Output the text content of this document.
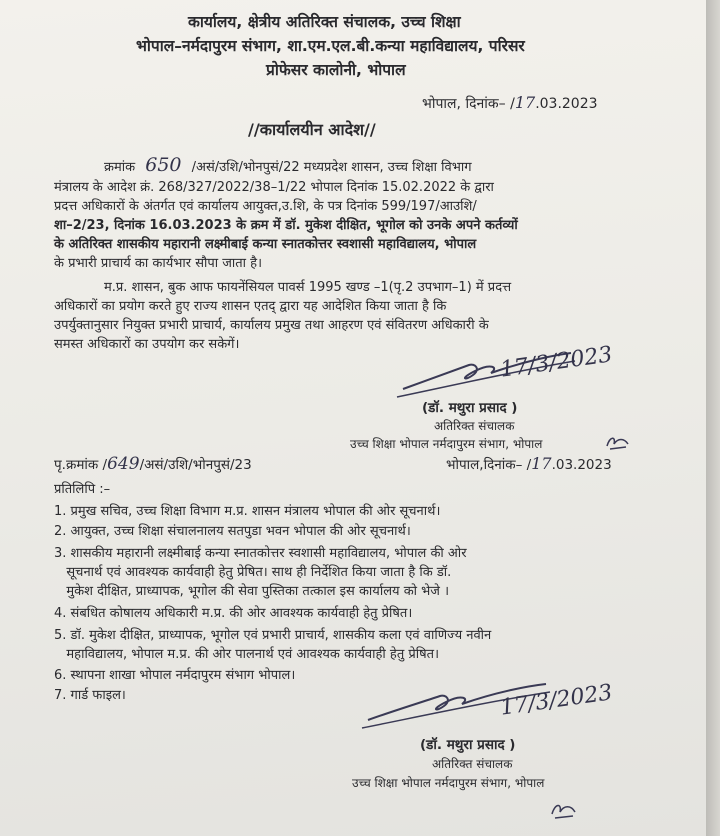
कार्यालय, क्षेत्रीय अतिरिक्त संचालक, उच्च शिक्षा
भोपाल–नर्मदापुरम संभाग, शा.एम.एल.बी.कन्या महाविद्यालय, परिसर
प्रोफेसर कालोनी, भोपाल
भोपाल, दिनांक– /17.03.2023
//कार्यालयीन आदेश//
क्रमांक 650 /असं/उशि/भोनपुसं/22 मध्यप्रदेश शासन, उच्च शिक्षा विभाग
मंत्रालय के आदेश क्रं. 268/327/2022/38–1/22 भोपाल दिनांक 15.02.2022 के द्वारा
प्रदत्त अधिकारों के अंतर्गत एवं कार्यालय आयुक्त,उ.शि, के पत्र दिनांक 599/197/आउशि/
शा–2/23, दिनांक 16.03.2023 के क्रम में डॉ. मुकेश दीक्षित, भूगोल को उनके अपने कर्तव्यों
के अतिरिक्त शासकीय महारानी लक्ष्मीबाई कन्या स्नातकोत्तर स्वशासी महाविद्यालय, भोपाल
के प्रभारी प्राचार्य का कार्यभार सौपा जाता है।
म.प्र. शासन, बुक आफ फायनेंसियल पावर्स 1995 खण्ड –1(पृ.2 उपभाग–1) में प्रदत्त
अधिकारों का प्रयोग करते हुए राज्य शासन एतद् द्वारा यह आदेशित किया जाता है कि
उपर्युक्तानुसार नियुक्त प्रभारी प्राचार्य, कार्यालय प्रमुख तथा आहरण एवं संवितरण अधिकारी के
समस्त अधिकारों का उपयोग कर सकेगें।	17/3/2023
(डॉ. मथुरा प्रसाद )
अतिरिक्त संचालक
उच्च शिक्षा भोपाल नर्मदापुरम संभाग, भोपाल
पृ.क्रमांक /649/असं/उशि/भोनपुसं/23	भोपाल,दिनांक– /17.03.2023
प्रतिलिपि :–
1. प्रमुख सचिव, उच्च शिक्षा विभाग म.प्र. शासन मंत्रालय भोपाल की ओर सूचनार्थ।
2. आयुक्त, उच्च शिक्षा संचालनालय सतपुडा भवन भोपाल की ओर सूचनार्थ।
3. शासकीय महारानी लक्ष्मीबाई कन्या स्नातकोत्तर स्वशासी महाविद्यालय, भोपाल की ओर
सूचनार्थ एवं आवश्यक कार्यवाही हेतु प्रेषित। साथ ही निर्देशित किया जाता है कि डॉ.
मुकेश दीक्षित, प्राध्यापक, भूगोल की सेवा पुस्तिका तत्काल इस कार्यालय को भेजे ।
4. संबधित कोषालय अधिकारी म.प्र. की ओर आवश्यक कार्यवाही हेतु प्रेषित।
5. डॉ. मुकेश दीक्षित, प्राध्यापक, भूगोल एवं प्रभारी प्राचार्य, शासकीय कला एवं वाणिज्य नवीन
महाविद्यालय, भोपाल म.प्र. की ओर पालनार्थ एवं आवश्यक कार्यवाही हेतु प्रेषित।
6. स्थापना शाखा भोपाल नर्मदापुरम संभाग भोपाल।
7. गार्ड फाइल।	17/3/2023
(डॉ. मथुरा प्रसाद )
अतिरिक्त संचालक
उच्च शिक्षा भोपाल नर्मदापुरम संभाग, भोपाल
